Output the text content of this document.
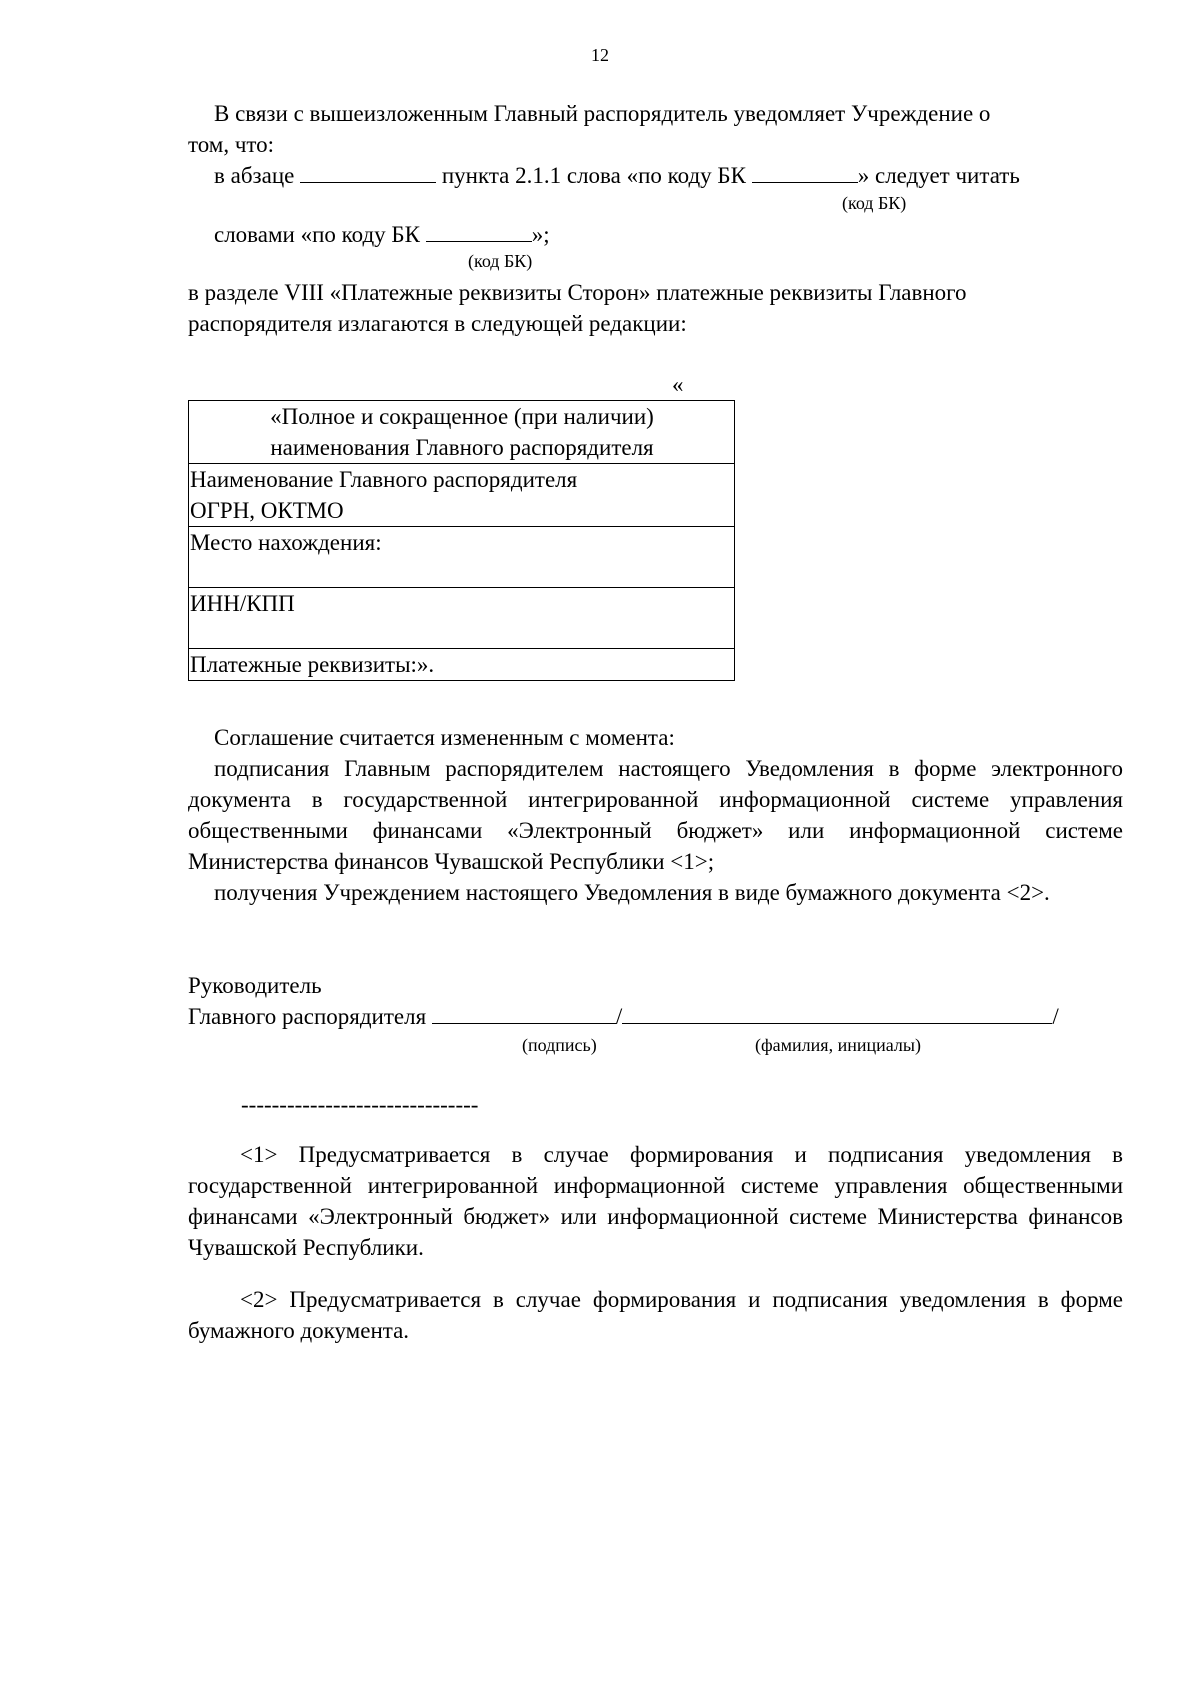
12
В связи с вышеизложенным Главный распорядитель уведомляет Учреждение о
том, что:
в абзаце	пункта 2.1.1 слова «по коду БК	» следует читать
(код БК)
словами «по коду БК	»;
(код БК)
в разделе VIII «Платежные реквизиты Сторон» платежные реквизиты Главного
распорядителя излагаются в следующей редакции:
«
«Полное и сокращенное (при наличии)
наименования Главного распорядителя

Наименование Главного распорядителя
ОГРН, ОКТМО

Место нахождения:
ИНН/КПП
Платежные реквизиты:».
Соглашение считается измененным с момента:
подписания Главным распорядителем настоящего Уведомления в форме электронного документа в государственной интегрированной информационной системе управления общественными финансами «Электронный бюджет» или информационной системе Министерства финансов Чувашской Республики <1>;
получения Учреждением настоящего Уведомления в виде бумажного документа <2>.
Руководитель
Главного распорядителя	/	/
(подпись)	(фамилия, инициалы)
-------------------------------
<1> Предусматривается в случае формирования и подписания уведомления в государственной интегрированной информационной системе управления общественными финансами «Электронный бюджет» или информационной системе Министерства финансов Чувашской Республики.
<2> Предусматривается в случае формирования и подписания уведомления в форме бумажного документа.
